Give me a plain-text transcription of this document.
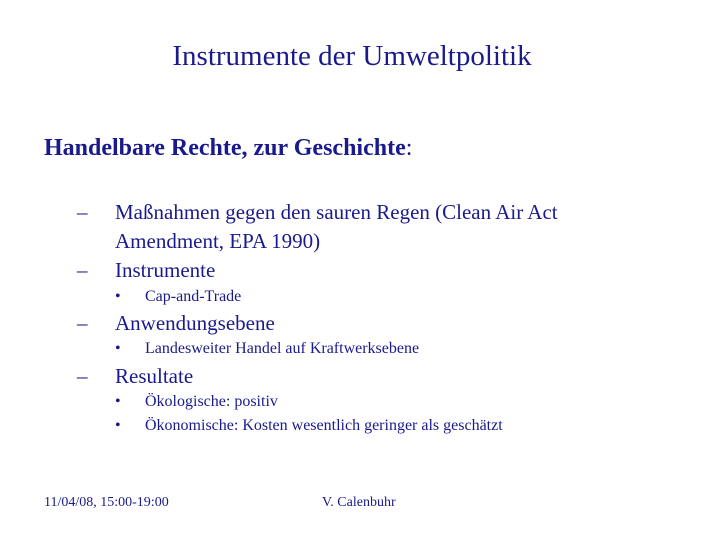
Instrumente der Umweltpolitik
Handelbare Rechte, zur Geschichte:
– Maßnahmen gegen den sauren Regen (Clean Air Act
Amendment, EPA 1990)
– Instrumente
• Cap-and-Trade
– Anwendungsebene
• Landesweiter Handel auf Kraftwerksebene
– Resultate
• Ökologische: positiv
• Ökonomische: Kosten wesentlich geringer als geschätzt
11/04/08, 15:00-19:00	V. Calenbuhr
